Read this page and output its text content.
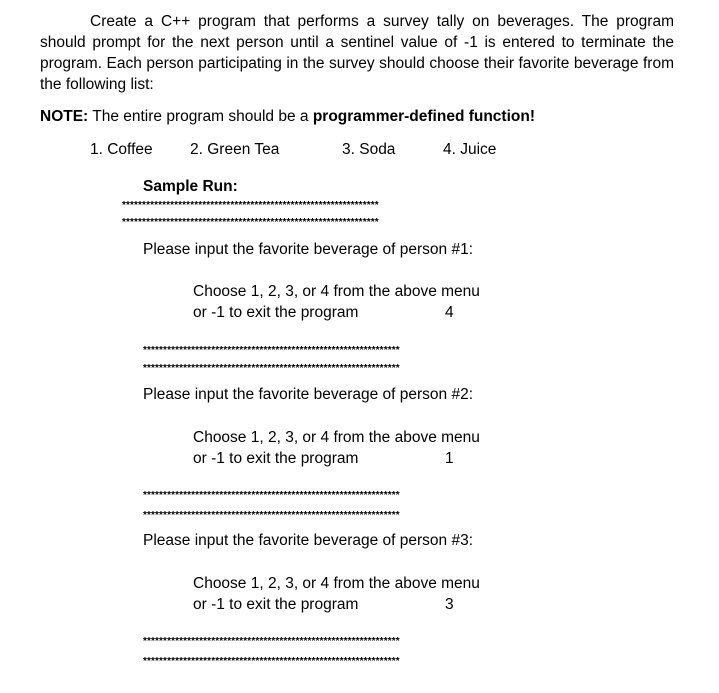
Create a C++ program that performs a survey tally on beverages. The program should prompt for the next person until a sentinel value of -1 is entered to terminate the program. Each person participating in the survey should choose their favorite beverage from the following list:

NOTE: The entire program should be a programmer-defined function!
1. Coffee 2. Green Tea	3. Soda	4. Juice
Sample Run:
****************************************************************
****************************************************************
Please input the favorite beverage of person #1:
Choose 1, 2, 3, or 4 from the above menu
or -1 to exit the program	4
****************************************************************
****************************************************************
Please input the favorite beverage of person #2:
Choose 1, 2, 3, or 4 from the above menu
or -1 to exit the program	1
****************************************************************
****************************************************************
Please input the favorite beverage of person #3:
Choose 1, 2, 3, or 4 from the above menu
or -1 to exit the program	3
****************************************************************
****************************************************************
